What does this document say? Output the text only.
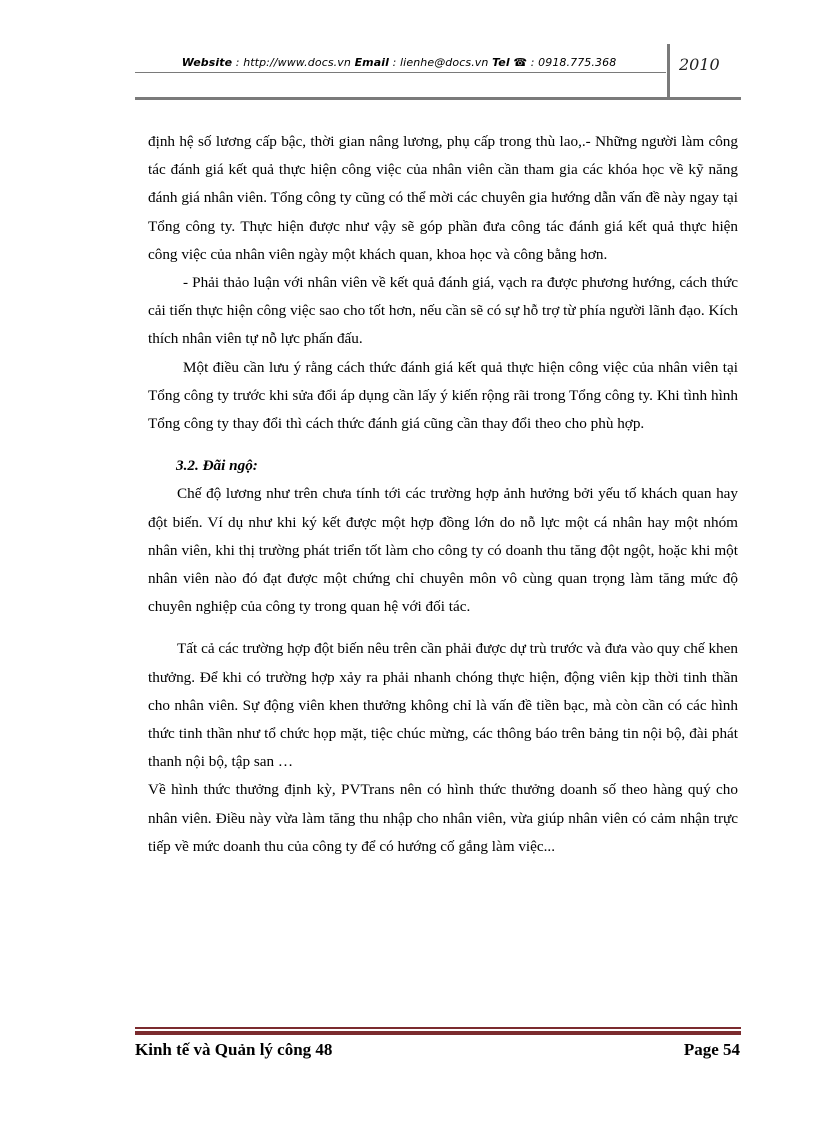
Website : http://www.docs.vn Email : lienhe@docs.vn Tel ☎ : 0918.775.368	2010

định hệ số lương cấp bậc, thời gian nâng lương, phụ cấp trong thù lao,.- Những người làm công tác đánh giá kết quả thực hiện công việc của nhân viên cần tham gia các khóa học về kỹ năng đánh giá nhân viên. Tổng công ty cũng có thể mời các chuyên gia hướng dẫn vấn đề này ngay tại Tổng công ty. Thực hiện được như vậy sẽ góp phần đưa công tác đánh giá kết quả thực hiện công việc của nhân viên ngày một khách quan, khoa học và công bằng hơn.

- Phải thảo luận với nhân viên về kết quả đánh giá, vạch ra được phương hướng, cách thức cải tiến thực hiện công việc sao cho tốt hơn, nếu cần sẽ có sự hỗ trợ từ phía người lãnh đạo. Kích thích nhân viên tự nỗ lực phấn đấu.

Một điều cần lưu ý rằng cách thức đánh giá kết quả thực hiện công việc của nhân viên tại Tổng công ty trước khi sửa đổi áp dụng cần lấy ý kiến rộng rãi trong Tổng công ty. Khi tình hình Tổng công ty thay đổi thì cách thức đánh giá cũng cần thay đổi theo cho phù hợp.

3.2. Đãi ngộ:

Chế độ lương như trên chưa tính tới các trường hợp ảnh hưởng bởi yếu tố khách quan hay đột biến. Ví dụ như khi ký kết được một hợp đồng lớn do nỗ lực một cá nhân hay một nhóm nhân viên, khi thị trường phát triển tốt làm cho công ty có doanh thu tăng đột ngột, hoặc khi một nhân viên nào đó đạt được một chứng chỉ chuyên môn vô cùng quan trọng làm tăng mức độ chuyên nghiệp của công ty trong quan hệ với đối tác.

Tất cả các trường hợp đột biến nêu trên cần phải được dự trù trước và đưa vào quy chế khen thưởng. Để khi có trường hợp xảy ra phải nhanh chóng thực hiện, động viên kịp thời tinh thần cho nhân viên. Sự động viên khen thưởng không chỉ là vấn đề tiền bạc, mà còn cần có các hình thức tinh thần như tổ chức họp mặt, tiệc chúc mừng, các thông báo trên bảng tin nội bộ, đài phát thanh nội bộ, tập san …

Về hình thức thưởng định kỳ, PVTrans nên có hình thức thưởng doanh số theo hàng quý cho nhân viên. Điều này vừa làm tăng thu nhập cho nhân viên, vừa giúp nhân viên có cảm nhận trực tiếp về mức doanh thu của công ty để có hướng cố gắng làm việc...

Kinh tế và Quản lý công 48	Page 54
